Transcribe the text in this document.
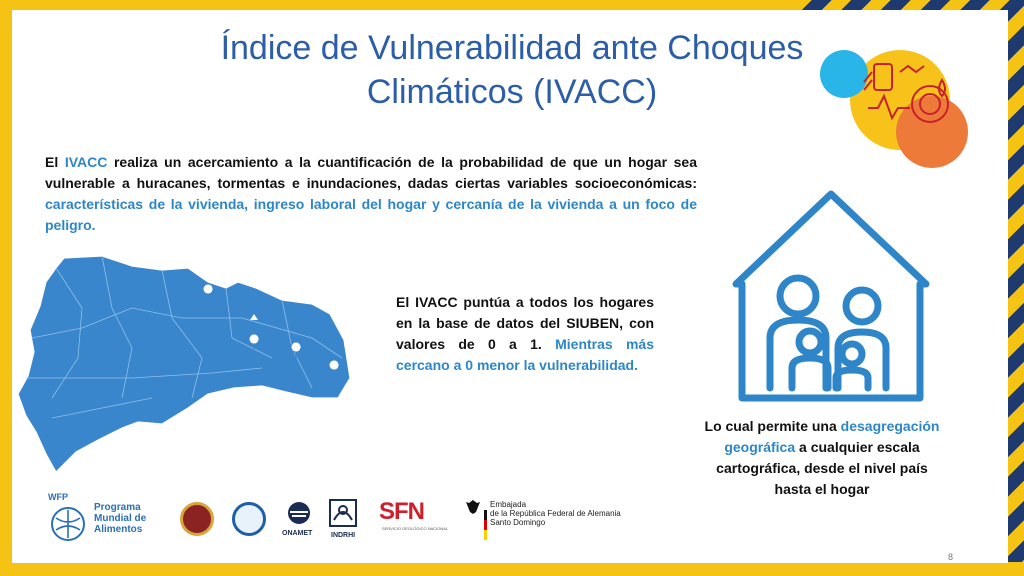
Índice de Vulnerabilidad ante Choques Climáticos (IVACC)

El IVACC realiza un acercamiento a la cuantificación de la probabilidad de que un hogar sea vulnerable a huracanes, tormentas e inundaciones, dadas ciertas variables socioeconómicas: características de la vivienda, ingreso laboral del hogar y cercanía de la vivienda a un foco de peligro.

El IVACC puntúa a todos los hogares en la base de datos del SIUBEN, con valores de 0 a 1. Mientras más cercano a 0 menor la vulnerabilidad.

Lo cual permite una desagregación geográfica a cualquier escala cartográfica, desde el nivel país hasta el hogar

WFP
Programa Mundial de Alimentos	ONAMET	INDRHI
SFN
SERVICIO GEOLÓGICO NACIONAL
Embajada
de la República Federal de Alemania
Santo Domingo
8
